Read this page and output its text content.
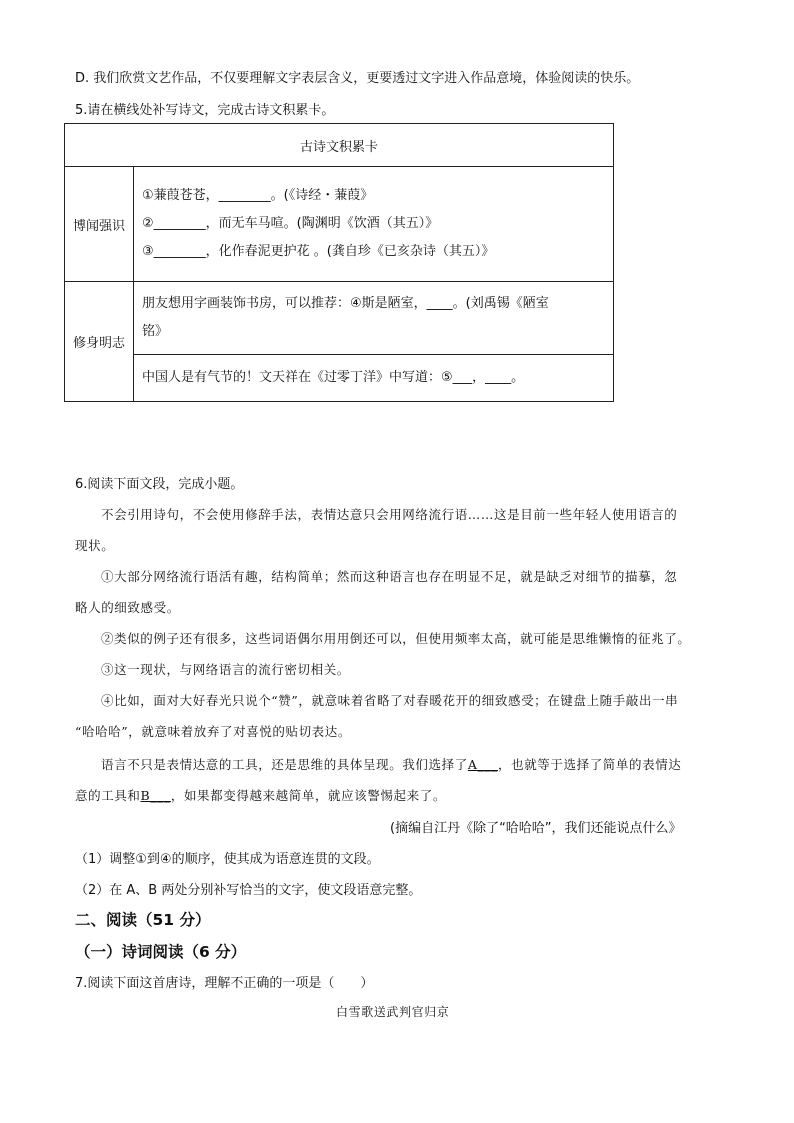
D. 我们欣赏文艺作品，不仅要理解文字表层含义，更要透过文字进入作品意境，体验阅读的快乐。
5.请在横线处补写诗文，完成古诗文积累卡。
古诗文积累卡	
博闻强识	①蒹葭苍苍，________。(《诗经・蒹葭》
②________，而无车马喧。(陶渊明《饮酒（其五）》
③________，化作春泥更护花 。(龚自珍《已亥杂诗（其五）》

修身明志	朋友想用字画装饰书房，可以推荐：④斯是陋室，____。(刘禹锡《陋室
铭》

	中国人是有气节的！文天祥在《过零丁洋》中写道：⑤___，____。
6.阅读下面文段，完成小题。
不会引用诗句，不会使用修辞手法，表情达意只会用网络流行语……这是目前一些年轻人使用语言的
现状。
①大部分网络流行语活有趣，结构简单；然而这种语言也存在明显不足，就是缺乏对细节的描摹，忽
略人的细致感受。
②类似的例子还有很多，这些词语偶尔用用倒还可以，但使用频率太高，就可能是思维懒惰的征兆了。
③这一现状，与网络语言的流行密切相关。
④比如，面对大好春光只说个“赞”，就意味着省略了对春暖花开的细致感受；在键盘上随手敲出一串
“哈哈哈”，就意味着放弃了对喜悦的贴切表达。
语言不只是表情达意的工具，还是思维的具体呈现。我们选择了A___，也就等于选择了简单的表情达
意的工具和B___，如果都变得越来越简单，就应该警惕起来了。
(摘编自江丹《除了“哈哈哈”，我们还能说点什么》
（1）调整①到④的顺序，使其成为语意连贯的文段。
（2）在 A、B 两处分别补写恰当的文字，使文段语意完整。
二、阅读（51 分）
（一）诗词阅读（6 分）
7.阅读下面这首唐诗，理解不正确的一项是（　　）
白雪歌送武判官归京
